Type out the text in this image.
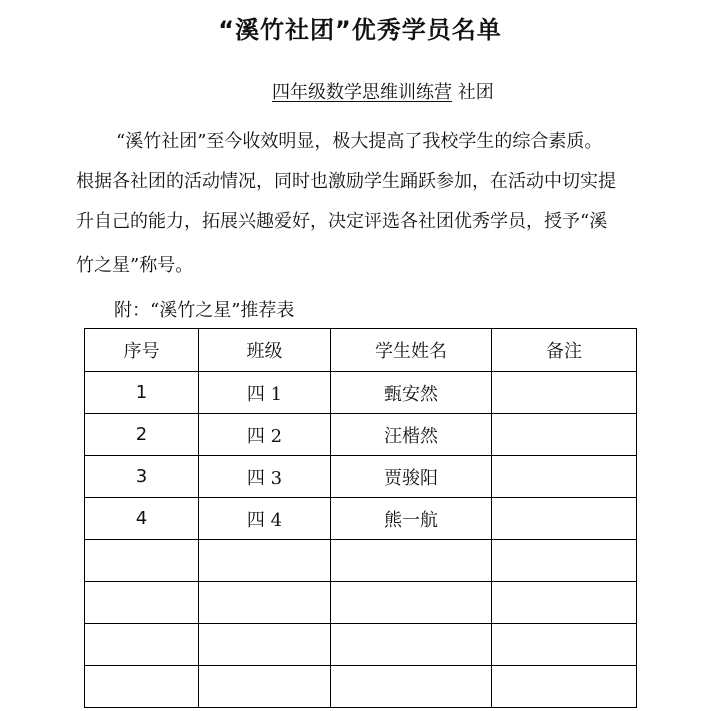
“溪竹社团”优秀学员名单
四年级数学思维训练营 社团
“溪竹社团”至今收效明显，极大提高了我校学生的综合素质。
根据各社团的活动情况，同时也激励学生踊跃参加，在活动中切实提
升自己的能力，拓展兴趣爱好，决定评选各社团优秀学员，授予“溪
竹之星”称号。
附：“溪竹之星”推荐表
序号	班级	学生姓名	备注
1	四 1	甄安然	
2	四 2	汪楷然	
3	四 3	贾骏阳	
4	四 4	熊一航	
